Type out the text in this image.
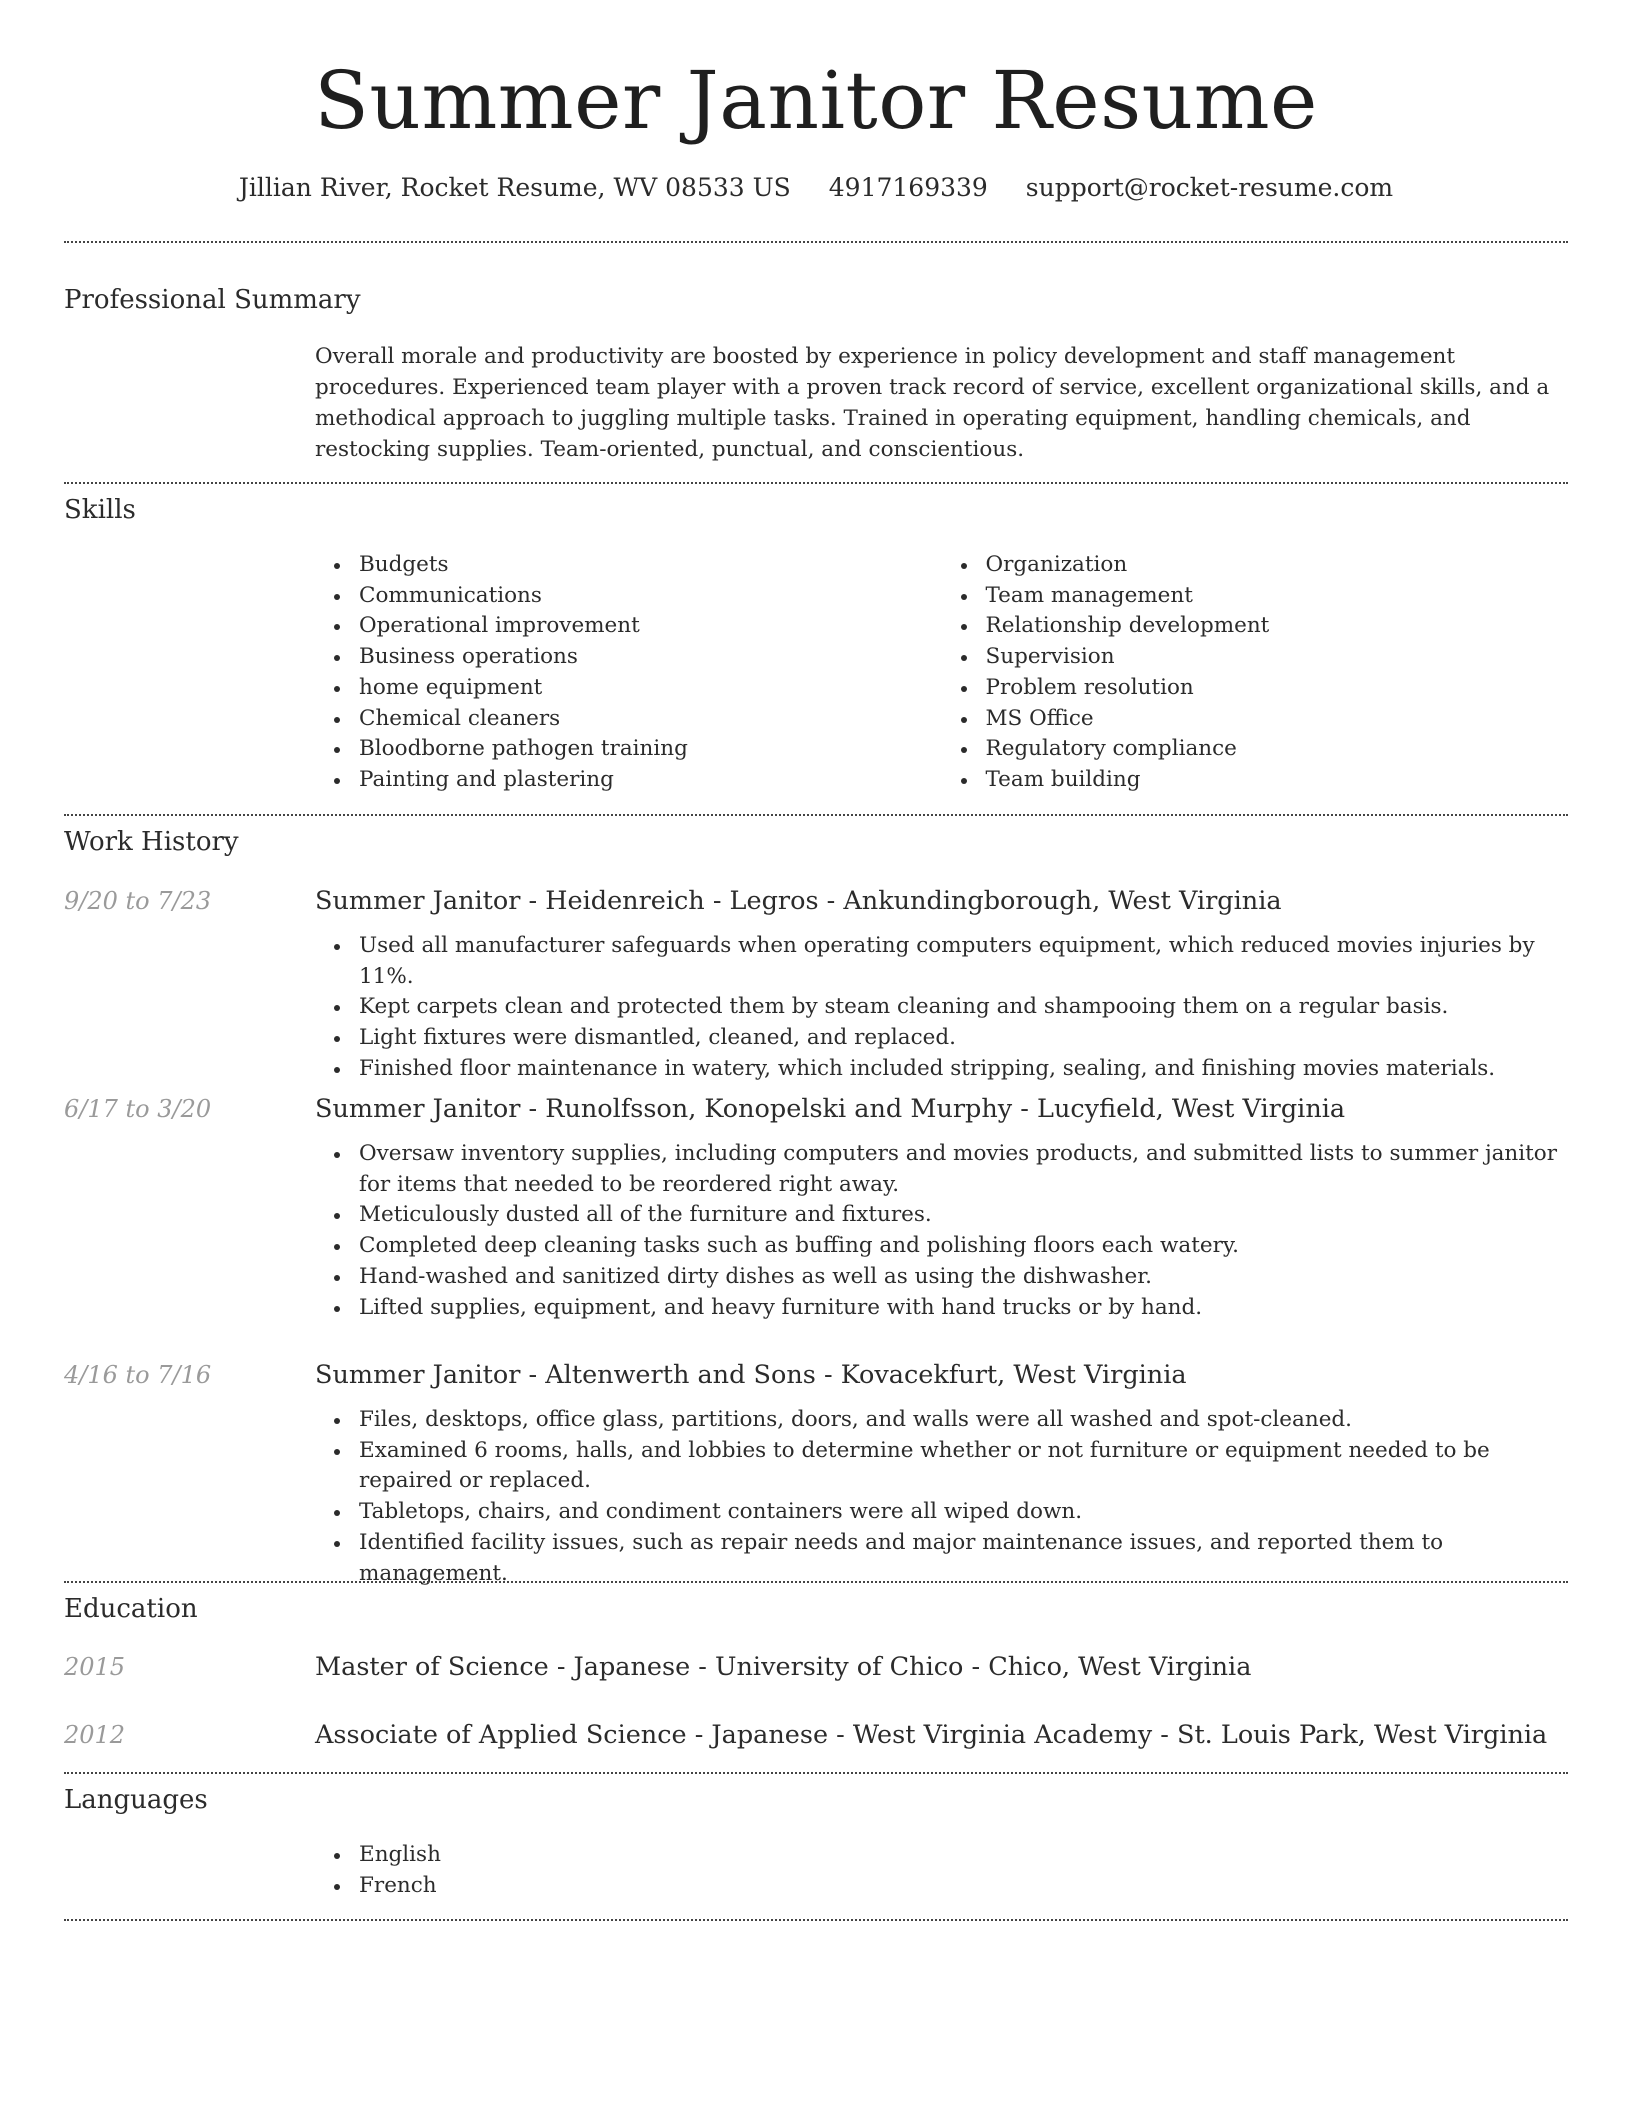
Summer Janitor Resume
Jillian River, Rocket Resume, WV 08533 US 4917169339 support@rocket-resume.com
Professional Summary

Overall morale and productivity are boosted by experience in policy development and staff management procedures. Experienced team player with a proven track record of service, excellent organizational skills, and a methodical approach to juggling multiple tasks. Trained in operating equipment, handling chemicals, and restocking supplies. Team-oriented, punctual, and conscientious.

Skills
Budgets
Communications
Operational improvement
Business operations
home equipment
Chemical cleaners
Bloodborne pathogen training
Painting and plastering
Organization
Team management
Relationship development
Supervision
Problem resolution
MS Office
Regulatory compliance
Team building
Work History
9/20 to 7/23	Summer Janitor - Heidenreich - Legros - Ankundingborough, West Virginia
Used all manufacturer safeguards when operating computers equipment, which reduced movies injuries by 11%.
Kept carpets clean and protected them by steam cleaning and shampooing them on a regular basis.
Light fixtures were dismantled, cleaned, and replaced.
Finished floor maintenance in watery, which included stripping, sealing, and finishing movies materials.
6/17 to 3/20	Summer Janitor - Runolfsson, Konopelski and Murphy - Lucyfield, West Virginia
Oversaw inventory supplies, including computers and movies products, and submitted lists to summer janitor for items that needed to be reordered right away.
Meticulously dusted all of the furniture and fixtures.
Completed deep cleaning tasks such as buffing and polishing floors each watery.
Hand-washed and sanitized dirty dishes as well as using the dishwasher.
Lifted supplies, equipment, and heavy furniture with hand trucks or by hand.
4/16 to 7/16	Summer Janitor - Altenwerth and Sons - Kovacekfurt, West Virginia
Files, desktops, office glass, partitions, doors, and walls were all washed and spot-cleaned.
Examined 6 rooms, halls, and lobbies to determine whether or not furniture or equipment needed to be repaired or replaced.
Tabletops, chairs, and condiment containers were all wiped down.
Identified facility issues, such as repair needs and major maintenance issues, and reported them to management.
Education
2015	Master of Science - Japanese - University of Chico - Chico, West Virginia
2012	Associate of Applied Science - Japanese - West Virginia Academy - St. Louis Park, West Virginia
Languages
English
French
